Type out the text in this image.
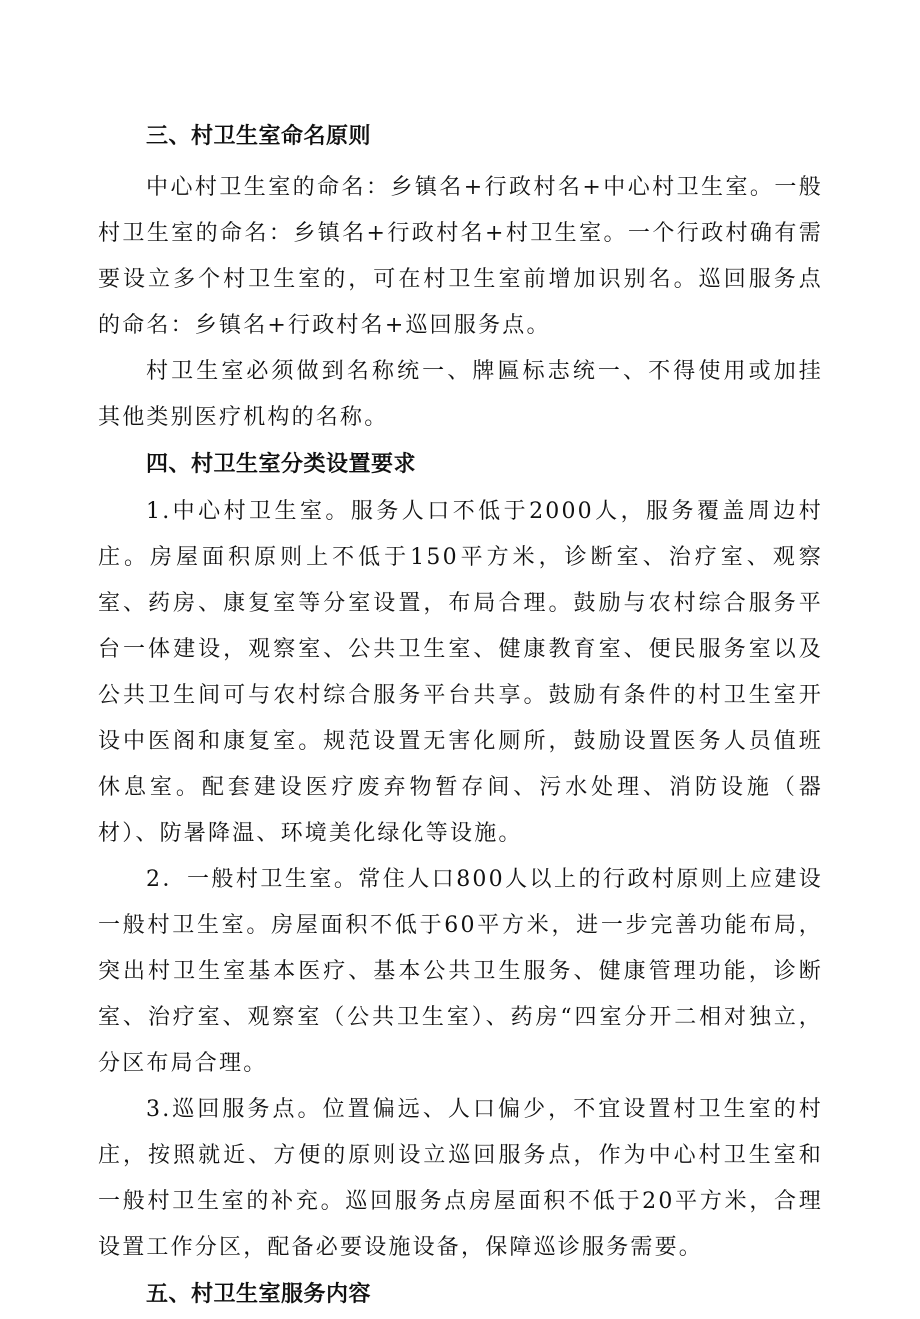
三、村卫生室命名原则

中心村卫生室的命名：乡镇名+行政村名+中心村卫生室。一般村卫生室的命名：乡镇名+行政村名+村卫生室。一个行政村确有需要设立多个村卫生室的，可在村卫生室前增加识别名。巡回服务点的命名：乡镇名+行政村名+巡回服务点。

村卫生室必须做到名称统一、牌匾标志统一、不得使用或加挂其他类别医疗机构的名称。

四、村卫生室分类设置要求

1.中心村卫生室。服务人口不低于2000人，服务覆盖周边村庄。房屋面积原则上不低于150平方米，诊断室、治疗室、观察室、药房、康复室等分室设置，布局合理。鼓励与农村综合服务平台一体建设，观察室、公共卫生室、健康教育室、便民服务室以及公共卫生间可与农村综合服务平台共享。鼓励有条件的村卫生室开设中医阁和康复室。规范设置无害化厕所，鼓励设置医务人员值班休息室。配套建设医疗废弃物暂存间、污水处理、消防设施（器材）、防暑降温、环境美化绿化等设施。

2．一般村卫生室。常住人口800人以上的行政村原则上应建设一般村卫生室。房屋面积不低于60平方米，进一步完善功能布局，突出村卫生室基本医疗、基本公共卫生服务、健康管理功能，诊断室、治疗室、观察室（公共卫生室）、药房“四室分开二相对独立，分区布局合理。

3.巡回服务点。位置偏远、人口偏少，不宜设置村卫生室的村庄，按照就近、方便的原则设立巡回服务点，作为中心村卫生室和一般村卫生室的补充。巡回服务点房屋面积不低于20平方米，合理设置工作分区，配备必要设施设备，保障巡诊服务需要。

五、村卫生室服务内容
